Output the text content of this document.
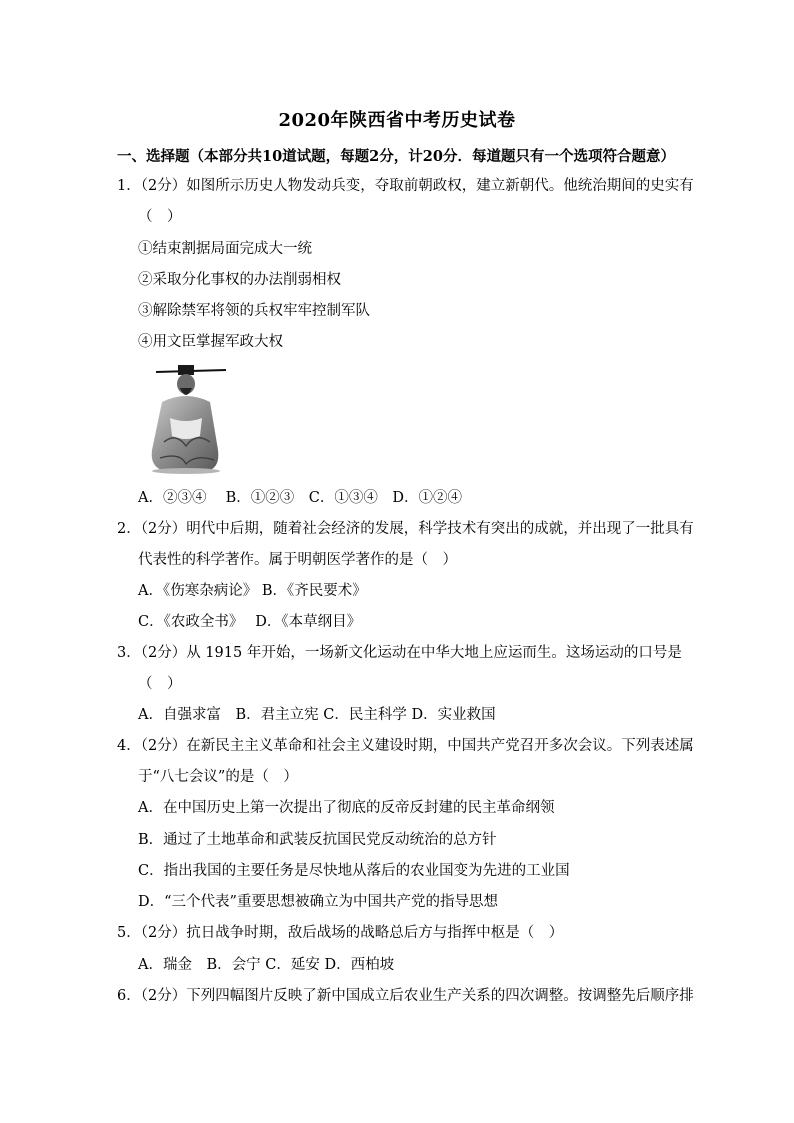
2020年陕西省中考历史试卷
一、选择题（本部分共10道试题，每题2分，计20分．每道题只有一个选项符合题意）
1．（2分）如图所示历史人物发动兵变，夺取前朝政权，建立新朝代。他统治期间的史实有
（　）
①结束割据局面完成大一统
②采取分化事权的办法削弱相权
③解除禁军将领的兵权牢牢控制军队
④用文臣掌握军政大权
A．②③④　 B．①②③　C．①③④　D．①②④
2．（2分）明代中后期，随着社会经济的发展，科学技术有突出的成就，并出现了一批具有
代表性的科学著作。属于明朝医学著作的是（　）
A．《伤寒杂病论》 B．《齐民要术》
C．《农政全书》　 D．《本草纲目》
3．（2分）从 1915 年开始，一场新文化运动在中华大地上应运而生。这场运动的口号是
（　）
A．自强求富　B．君主立宪 C．民主科学 D．实业救国
4．（2分）在新民主主义革命和社会主义建设时期，中国共产党召开多次会议。下列表述属
于“八七会议”的是（　）
A．在中国历史上第一次提出了彻底的反帝反封建的民主革命纲领
B．通过了土地革命和武装反抗国民党反动统治的总方针
C．指出我国的主要任务是尽快地从落后的农业国变为先进的工业国
D．“三个代表”重要思想被确立为中国共产党的指导思想
5．（2分）抗日战争时期，敌后战场的战略总后方与指挥中枢是（　）
A．瑞金　B．会宁 C．延安 D．西柏坡
6．（2分）下列四幅图片反映了新中国成立后农业生产关系的四次调整。按调整先后顺序排
